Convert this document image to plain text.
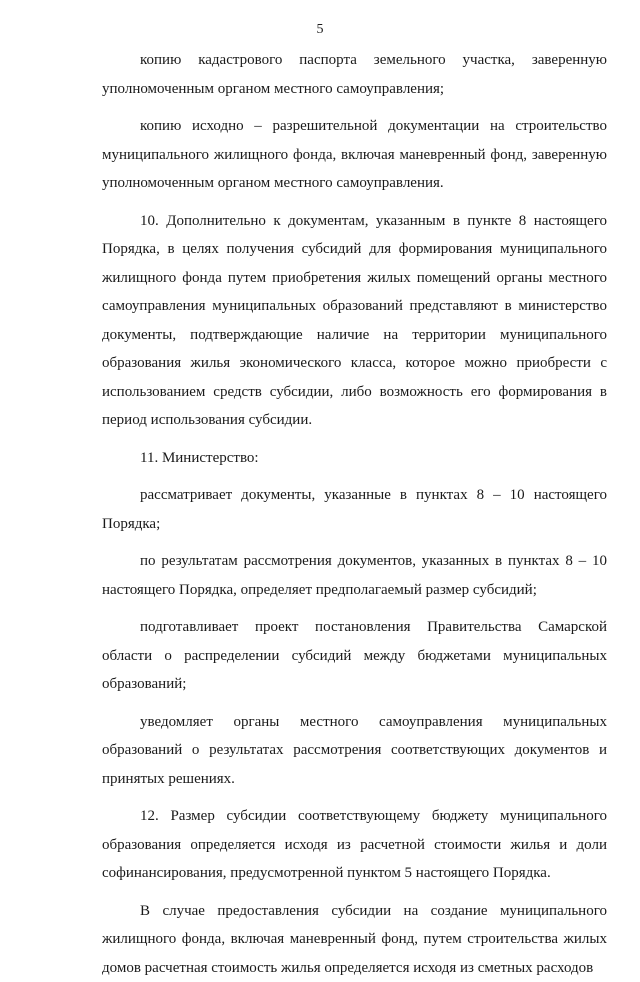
5

копию кадастрового паспорта земельного участка, заверенную уполномоченным органом местного самоуправления;

копию исходно – разрешительной документации на строительство муниципального жилищного фонда, включая маневренный фонд, заверенную уполномоченным органом местного самоуправления.

10. Дополнительно к документам, указанным в пункте 8 настоящего Порядка, в целях получения субсидий для формирования муниципального жилищного фонда путем приобретения жилых помещений органы местного самоуправления муниципальных образований представляют в министерство документы, подтверждающие наличие на территории муниципального образования жилья экономического класса, которое можно приобрести с использованием средств субсидии, либо возможность его формирования в период использования субсидии.

11. Министерство:

рассматривает документы, указанные в пунктах 8 – 10 настоящего Порядка;

по результатам рассмотрения документов, указанных в пунктах 8 – 10 настоящего Порядка, определяет предполагаемый размер субсидий;

подготавливает проект постановления Правительства Самарской области о распределении субсидий между бюджетами муниципальных образований;

уведомляет органы местного самоуправления муниципальных образований о результатах рассмотрения соответствующих документов и принятых решениях.

12. Размер субсидии соответствующему бюджету муниципального образования определяется исходя из расчетной стоимости жилья и доли софинансирования, предусмотренной пунктом 5 настоящего Порядка.

В случае предоставления субсидии на создание муниципального жилищного фонда, включая маневренный фонд, путем строительства жилых домов расчетная стоимость жилья определяется исходя из сметных расходов
